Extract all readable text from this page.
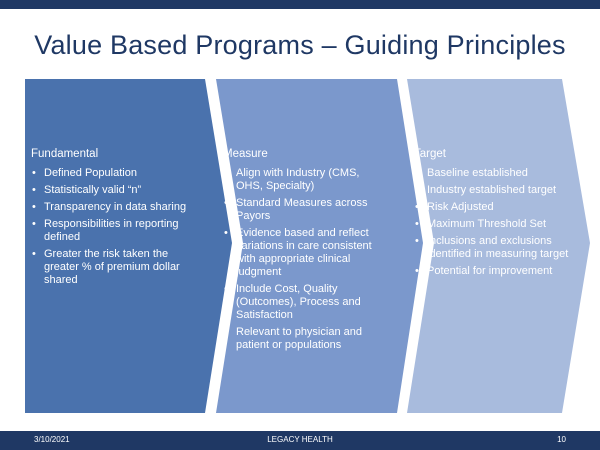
Value Based Programs – Guiding Principles
Fundamental
• Defined Population
• Statistically valid “n”
• Transparency in data sharing
• Responsibilities in reporting defined
• Greater the risk taken the greater % of premium dollar shared
Measure
• Align with Industry (CMS, OHS, Specialty)
• Standard Measures across Payors
• Evidence based and reflect variations in care consistent with appropriate clinical judgment
• Include Cost, Quality (Outcomes), Process and Satisfaction
• Relevant to physician and patient or populations
Target
• Baseline established
• Industry established target
• Risk Adjusted
• Maximum Threshold Set
• Inclusions and exclusions identified in measuring target
• Potential for improvement
3/10/2021	LEGACY HEALTH	10
